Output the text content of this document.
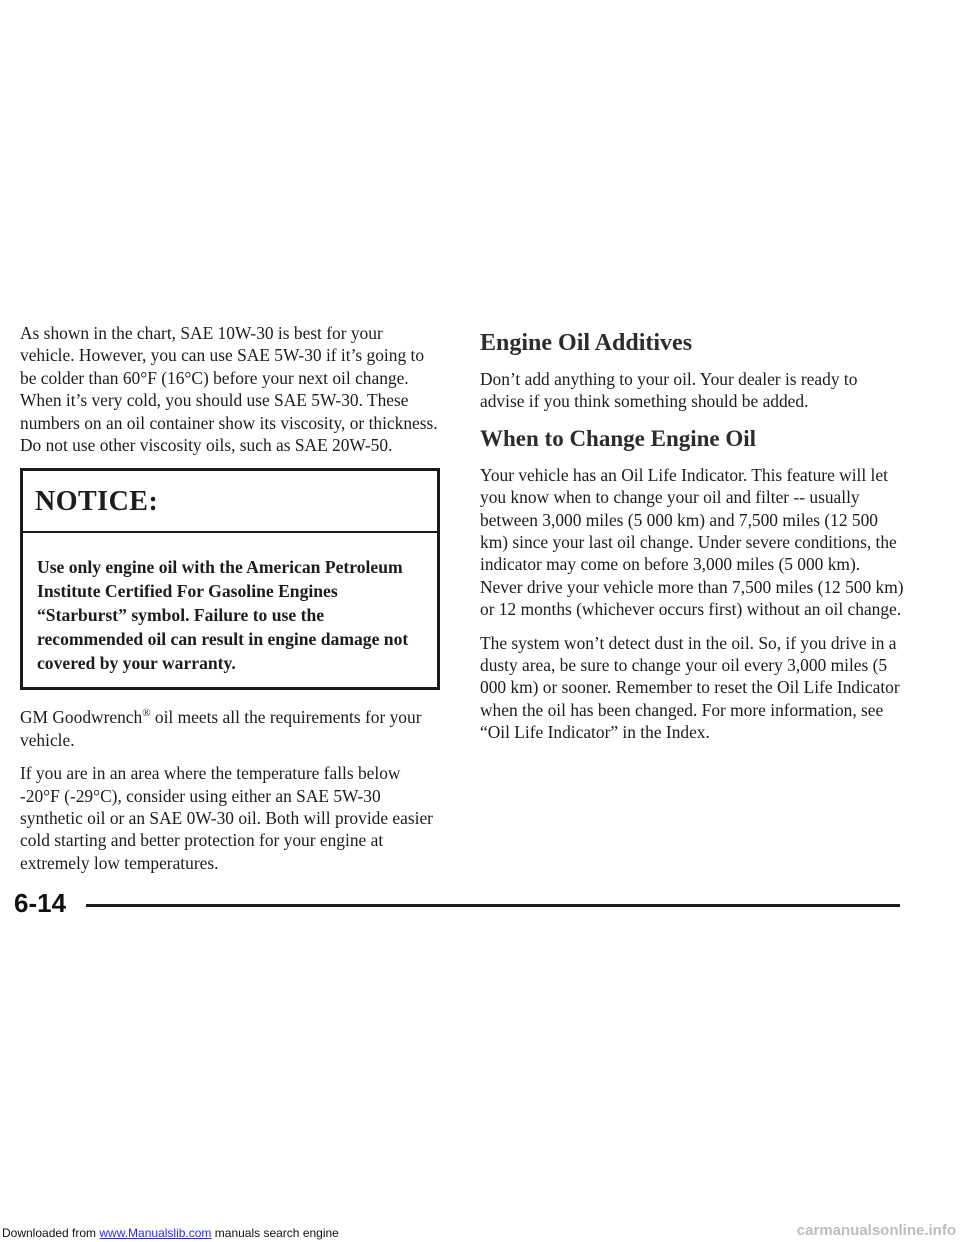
As shown in the chart, SAE 10W-30 is best for your vehicle. However, you can use SAE 5W-30 if it’s going to be colder than 60°F (16°C) before your next oil change. When it’s very cold, you should use SAE 5W-30. These numbers on an oil container show its viscosity, or thickness. Do not use other viscosity oils, such as SAE 20W-50.

NOTICE:
Use only engine oil with the American Petroleum Institute Certified For Gasoline Engines “Starburst” symbol. Failure to use the recommended oil can result in engine damage not covered by your warranty.

GM Goodwrench® oil meets all the requirements for your vehicle.

If you are in an area where the temperature falls below -20°F (-29°C), consider using either an SAE 5W-30 synthetic oil or an SAE 0W-30 oil. Both will provide easier cold starting and better protection for your engine at extremely low temperatures.

Engine Oil Additives

Don’t add anything to your oil. Your dealer is ready to advise if you think something should be added.

When to Change Engine Oil

Your vehicle has an Oil Life Indicator. This feature will let you know when to change your oil and filter -- usually between 3,000 miles (5 000 km) and 7,500 miles (12 500 km) since your last oil change. Under severe conditions, the indicator may come on before 3,000 miles (5 000 km). Never drive your vehicle more than 7,500 miles (12 500 km) or 12 months (whichever occurs first) without an oil change.

The system won’t detect dust in the oil. So, if you drive in a dusty area, be sure to change your oil every 3,000 miles (5 000 km) or sooner. Remember to reset the Oil Life Indicator when the oil has been changed. For more information, see “Oil Life Indicator” in the Index.

6-14
Downloaded from www.Manualslib.com manuals search engine	carmanualsonline.info
